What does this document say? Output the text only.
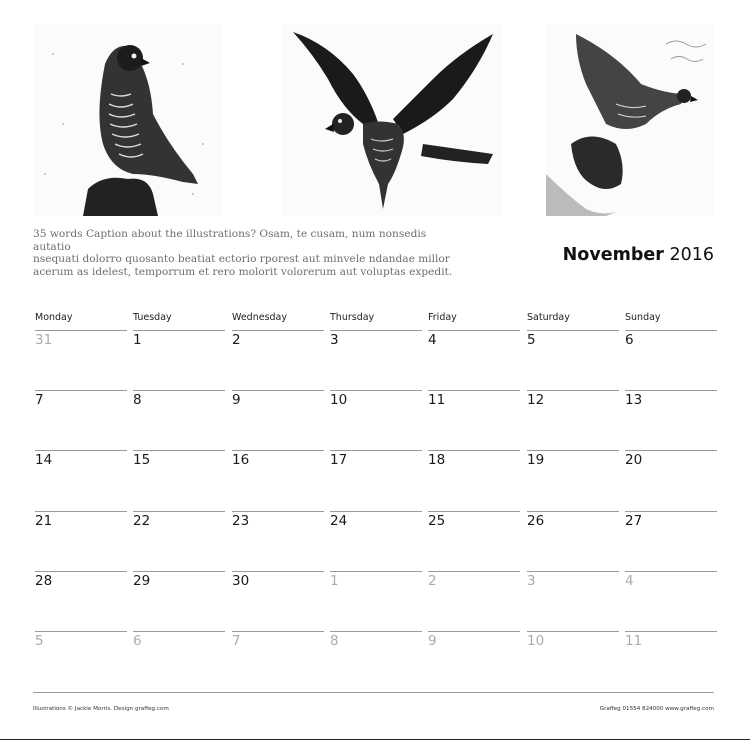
35 words Caption about the illustrations? Osam, te cusam, num nonsedis autatio
nsequati dolorro quosanto beatiat ectorio rporest aut minvele ndandae millor
acerum as idelest, temporrum et rero molorit volorerum aut voluptas expedit.
November 2016
Monday	Tuesday	Wednesday	Thursday	Friday	Saturday	Sunday
31	1	2	3	4	5	6
7	8	9	10	11	12	13
14	15	16	17	18	19	20
21	22	23	24	25	26	27
28	29	30	1	2	3	4
5	6	7	8	9	10	11
Illustrations © Jackie Morris. Design graffeg.com	Graffeg 01554 824000 www.graffeg.com
